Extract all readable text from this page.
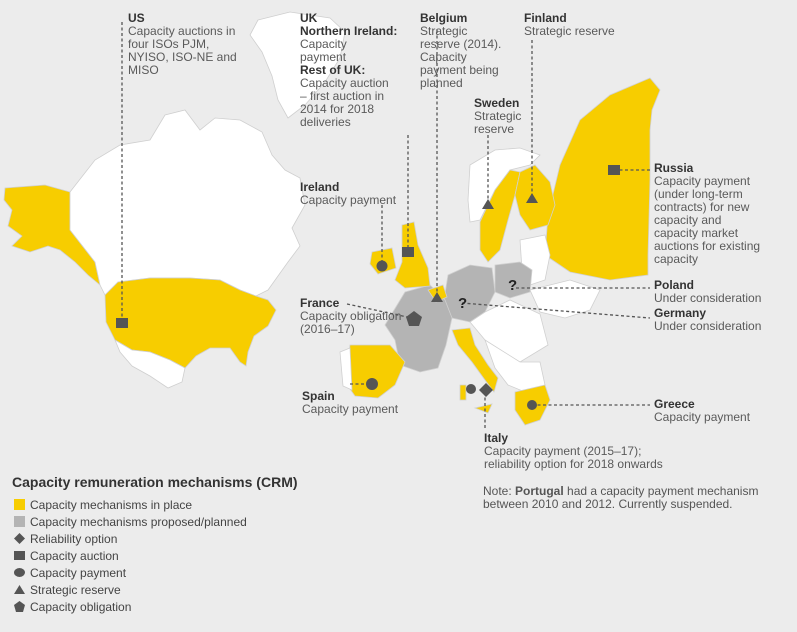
?
?
US
Capacity auctions in
four ISOs PJM,
NYISO, ISO-NE and
MISO
UK
Northern Ireland:
Capacity
payment
Rest of UK:
Capacity auction
– first auction in
2014 for 2018
deliveries
Belgium
Strategic
reserve (2014).
Capacity
payment being
planned
Finland
Strategic reserve
Sweden
Strategic
reserve
Russia
Capacity payment
(under long-term
contracts) for new
capacity and
capacity market
auctions for existing
capacity
Ireland
Capacity payment
Poland
Under consideration
France
Capacity obligation
(2016–17)
Germany
Under consideration
Spain
Capacity payment	Greece
Capacity payment
Italy
Capacity payment (2015–17);
reliability option for 2018 onwards
Capacity remuneration mechanisms (CRM)
Capacity mechanisms in place
Capacity mechanisms proposed/planned
Reliability option
Capacity auction
Capacity payment
Strategic reserve
Capacity obligation
Note: Portugal had a capacity payment mechanism between 2010 and 2012. Currently suspended.
